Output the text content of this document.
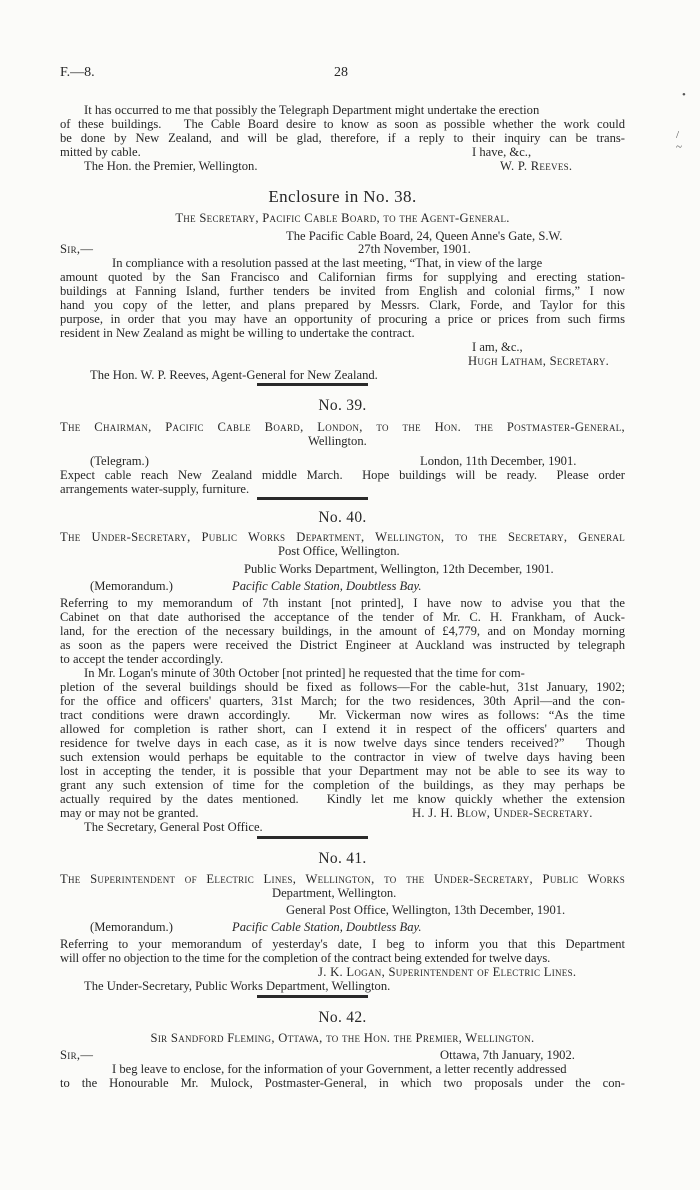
•
/
~
F.—8.	28
It has occurred to me that possibly the Telegraph Department might undertake the erection
of these buildings.   The Cable Board desire to know as soon as possible whether the work could
be done by New Zealand, and will be glad, therefore, if a reply to their inquiry can be trans-
mitted by cable.	I have, &c.,
The Hon. the Premier, Wellington.	W. P. Reeves.
Enclosure in No. 38.
The Secretary, Pacific Cable Board, to the Agent-General.
The Pacific Cable Board, 24, Queen Anne's Gate, S.W.
Sir,—	27th November, 1901.
In compliance with a resolution passed at the last meeting, “That, in view of the large
amount quoted by the San Francisco and Californian firms for supplying and erecting station-
buildings at Fanning Island, further tenders be invited from English and colonial firms,” I now
hand you copy of the letter, and plans prepared by Messrs. Clark, Forde, and Taylor for this
purpose, in order that you may have an opportunity of procuring a price or prices from such firms
resident in New Zealand as might be willing to undertake the contract.
I am, &c.,
Hugh Latham, Secretary.
The Hon. W. P. Reeves, Agent-General for New Zealand.
No. 39.
The Chairman, Pacific Cable Board, London, to the Hon. the Postmaster-General,
Wellington.
(Telegram.)	London, 11th December, 1901.
Expect cable reach New Zealand middle March.  Hope buildings will be ready.  Please order
arrangements water-supply, furniture.
No. 40.
The Under-Secretary, Public Works Department, Wellington, to the Secretary, General
Post Office, Wellington.
Public Works Department, Wellington, 12th December, 1901.
(Memorandum.)	Pacific Cable Station, Doubtless Bay.
Referring to my memorandum of 7th instant [not printed], I have now to advise you that the
Cabinet on that date authorised the acceptance of the tender of Mr. C. H. Frankham, of Auck-
land, for the erection of the necessary buildings, in the amount of £4,779, and on Monday morning
as soon as the papers were received the District Engineer at Auckland was instructed by telegraph
to accept the tender accordingly.
In Mr. Logan's minute of 30th October [not printed] he requested that the time for com-
pletion of the several buildings should be fixed as follows—For the cable-hut, 31st January, 1902;
for the office and officers' quarters, 31st March; for the two residences, 30th April—and the con-
tract conditions were drawn accordingly.   Mr. Vickerman now wires as follows: “As the time
allowed for completion is rather short, can I extend it in respect of the officers' quarters and
residence for twelve days in each case, as it is now twelve days since tenders received?”   Though
such extension would perhaps be equitable to the contractor in view of twelve days having been
lost in accepting the tender, it is possible that your Department may not be able to see its way to
grant any such extension of time for the completion of the buildings, as they may perhaps be
actually required by the dates mentioned.   Kindly let me know quickly whether the extension
may or may not be granted.	H. J. H. Blow, Under-Secretary.
The Secretary, General Post Office.
No. 41.
The Superintendent of Electric Lines, Wellington, to the Under-Secretary, Public Works
Department, Wellington.
General Post Office, Wellington, 13th December, 1901.
(Memorandum.)	Pacific Cable Station, Doubtless Bay.
Referring to your memorandum of yesterday's date, I beg to inform you that this Department
will offer no objection to the time for the completion of the contract being extended for twelve days.
J. K. Logan, Superintendent of Electric Lines.
The Under-Secretary, Public Works Department, Wellington.
No. 42.
Sir Sandford Fleming, Ottawa, to the Hon. the Premier, Wellington.
Sir,—	Ottawa, 7th January, 1902.
I beg leave to enclose, for the information of your Government, a letter recently addressed
to the Honourable Mr. Mulock, Postmaster-General, in which two proposals under the con-
